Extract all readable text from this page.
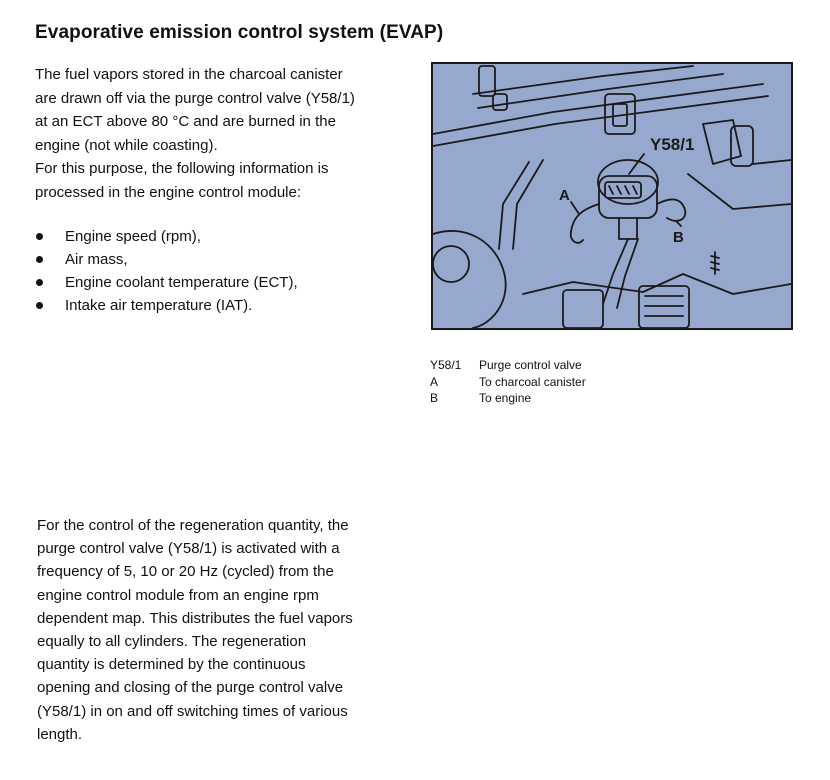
Evaporative emission control system (EVAP)

The fuel vapors stored in the charcoal canister

are drawn off via the purge control valve (Y58/1)

at an ECT above 80 °C and are burned in the

engine (not while coasting).

For this purpose, the following information is

processed in the engine control module:

Engine speed (rpm),
Air mass,
Engine coolant temperature (ECT),
Intake air temperature (IAT).
Y58/1
A
B
Y58/1	Purge control valve
A	To charcoal canister
B	To engine

For the control of the regeneration quantity, the

purge control valve (Y58/1) is activated with a

frequency of 5, 10 or 20 Hz (cycled) from the

engine control module from an engine rpm

dependent map. This distributes the fuel vapors

equally to all cylinders. The regeneration

quantity is determined by the continuous

opening and closing of the purge control valve

(Y58/1) in on and off switching times of various

length.
